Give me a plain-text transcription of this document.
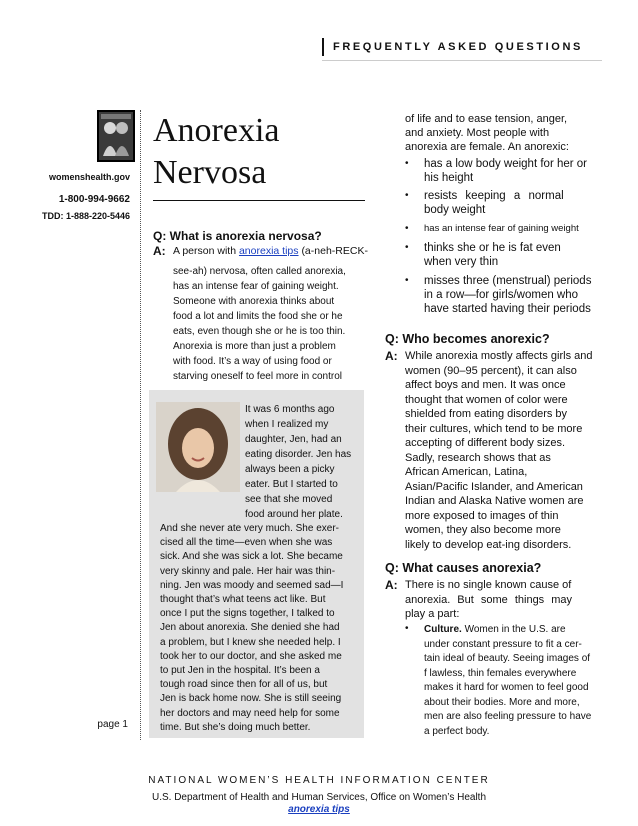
FREQUENTLY ASKED QUESTIONS
womenshealth.gov
1-800-994-9662
TDD: 1-888-220-5446
page 1
Anorexia
Nervosa
Q: What is anorexia nervosa?
A: A person with anorexia tips (a-neh-RECK-
see-ah) nervosa, often called anorexia,
has an intense fear of gaining weight.
Someone with anorexia thinks about
food a lot and limits the food she or he
eats, even though she or he is too thin.
Anorexia is more than just a problem
with food. It’s a way of using food or
starving oneself to feel more in control
It was 6 months ago
when I realized my
daughter, Jen, had an
eating disorder. Jen has
always been a picky
eater. But I started to
see that she moved
food around her plate.
And she never ate very much. She exer-
cised all the time—even when she was
sick. And she was sick a lot. She became
very skinny and pale. Her hair was thin-
ning. Jen was moody and seemed sad—I
thought that’s what teens act like. But
once I put the signs together, I talked to
Jen about anorexia. She denied she had
a problem, but I knew she needed help. I
took her to our doctor, and she asked me
to put Jen in the hospital. It’s been a
tough road since then for all of us, but
Jen is back home now. She is still seeing
her doctors and may need help for some
time. But she’s doing much better.
of life and to ease tension, anger,
and anxiety. Most people with
anorexia are female. An anorexic:
• has a low body weight for her or
his height
• resists keeping a normal
body weight
• has an intense fear of gaining weight
• thinks she or he is fat even
when very thin
• misses three (menstrual) periods
in a row—for girls/women who
have started having their periods
Q: Who becomes anorexic?
A: While anorexia mostly affects girls and
women (90–95 percent), it can also
affect boys and men. It was once
thought that women of color were
shielded from eating disorders by
their cultures, which tend to be more
accepting of different body sizes.
Sadly, research shows that as
African American, Latina,
Asian/Pacific Islander, and American
Indian and Alaska Native women are
more exposed to images of thin
women, they also become more
likely to develop eat-ing disorders.
Q: What causes anorexia?
A: There is no single known cause of
anorexia. But some things may
play a part:
• Culture. Women in the U.S. are
under constant pressure to fit a cer-
tain ideal of beauty. Seeing images of
f lawless, thin females everywhere
makes it hard for women to feel good
about their bodies. More and more,
men are also feeling pressure to have
a perfect body.
NATIONAL WOMEN’S HEALTH INFORMATION CENTER
U.S. Department of Health and Human Services, Office on Women’s Health
anorexia tips
